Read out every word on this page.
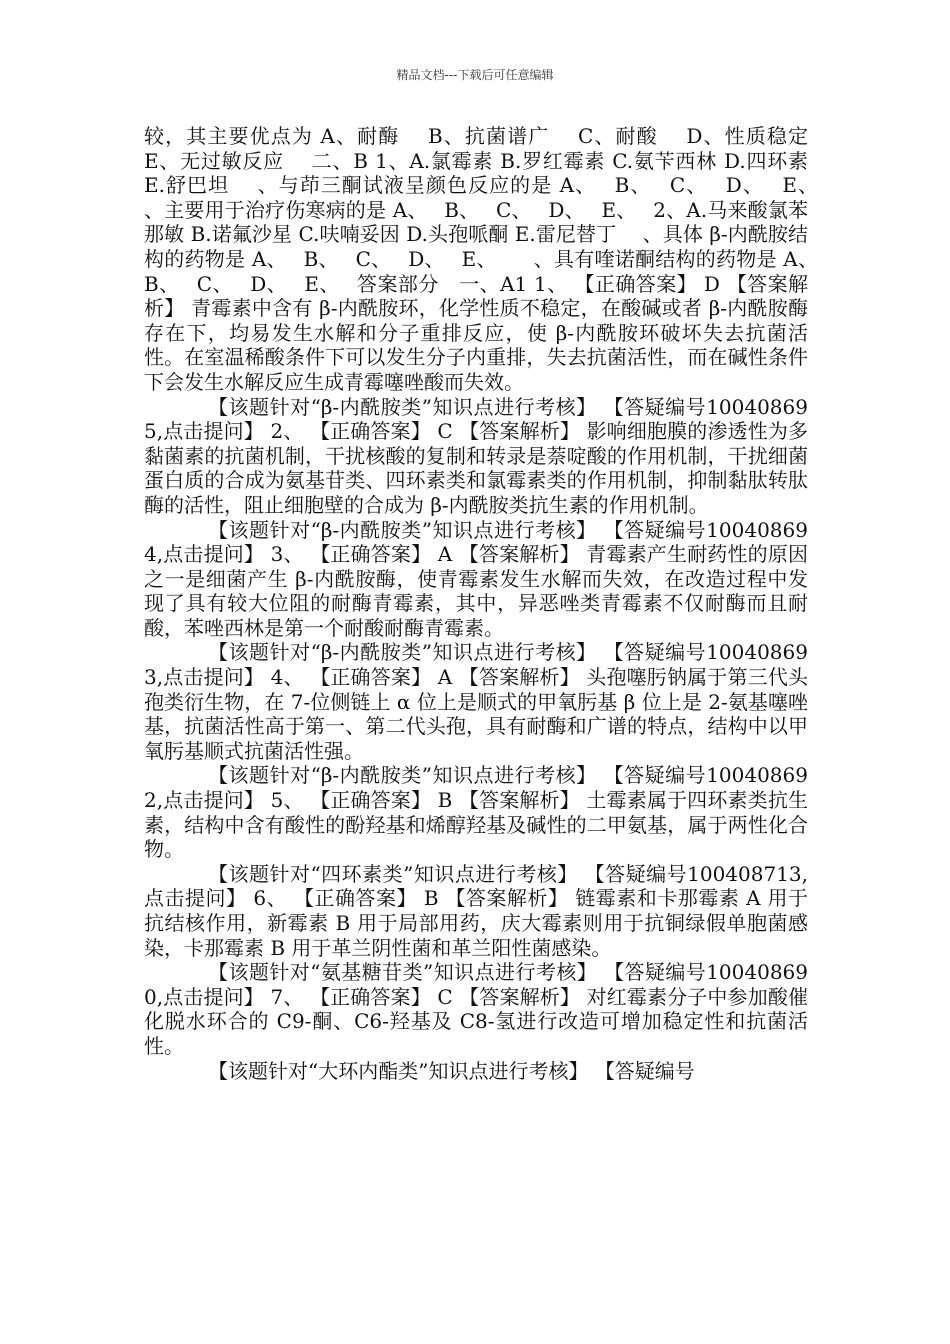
精品文档---下载后可任意编辑

较，其主要优点为 A、耐酶　 B、抗菌谱广　 C、耐酸　 D、性质稳定　 E、无过敏反应　 二、B 1、A.氯霉素 B.罗红霉素 C.氨苄西林 D.四环素 E.舒巴坦　 、与茚三酮试液呈颜色反应的是 A、　 B、　 C、　 D、　 E、　　 、主要用于治疗伤寒病的是 A、　 B、　 C、　 D、　 E、　 2、A.马来酸氯苯那敏 B.诺氟沙星 C.呋喃妥因 D.头孢哌酮 E.雷尼替丁　 、具体 β-内酰胺结构的药物是 A、　 B、　 C、　 D、　 E、　　 、具有喹诺酮结构的药物是 A、　 B、　 C、　 D、　 E、　 答案部分　一、A1 1、 【正确答案】 D 【答案解析】 青霉素中含有 β-内酰胺环，化学性质不稳定，在酸碱或者 β-内酰胺酶存在下，均易发生水解和分子重排反应，使 β-内酰胺环破坏失去抗菌活性。在室温稀酸条件下可以发生分子内重排，失去抗菌活性，而在碱性条件下会发生水解反应生成青霉噻唑酸而失效。

【该题针对“β-内酰胺类”知识点进行考核】 【答疑编号100408695,点击提问】 2、 【正确答案】 C 【答案解析】 影响细胞膜的渗透性为多黏菌素的抗菌机制，干扰核酸的复制和转录是萘啶酸的作用机制，干扰细菌蛋白质的合成为氨基苷类、四环素类和氯霉素类的作用机制，抑制黏肽转肽酶的活性，阻止细胞壁的合成为 β-内酰胺类抗生素的作用机制。

【该题针对“β-内酰胺类”知识点进行考核】 【答疑编号100408694,点击提问】 3、 【正确答案】 A 【答案解析】 青霉素产生耐药性的原因之一是细菌产生 β-内酰胺酶，使青霉素发生水解而失效，在改造过程中发现了具有较大位阻的耐酶青霉素，其中，异恶唑类青霉素不仅耐酶而且耐酸，苯唑西林是第一个耐酸耐酶青霉素。

【该题针对“β-内酰胺类”知识点进行考核】 【答疑编号100408693,点击提问】 4、 【正确答案】 A 【答案解析】 头孢噻肟钠属于第三代头孢类衍生物，在 7-位侧链上 α 位上是顺式的甲氧肟基 β 位上是 2-氨基噻唑基，抗菌活性高于第一、第二代头孢，具有耐酶和广谱的特点，结构中以甲氧肟基顺式抗菌活性强。

【该题针对“β-内酰胺类”知识点进行考核】 【答疑编号100408692,点击提问】 5、 【正确答案】 B 【答案解析】 土霉素属于四环素类抗生素，结构中含有酸性的酚羟基和烯醇羟基及碱性的二甲氨基，属于两性化合物。

【该题针对“四环素类”知识点进行考核】 【答疑编号100408713,点击提问】 6、 【正确答案】 B 【答案解析】 链霉素和卡那霉素 A 用于抗结核作用，新霉素 B 用于局部用药，庆大霉素则用于抗铜绿假单胞菌感染，卡那霉素 B 用于革兰阴性菌和革兰阳性菌感染。

【该题针对“氨基糖苷类”知识点进行考核】 【答疑编号100408690,点击提问】 7、 【正确答案】 C 【答案解析】 对红霉素分子中参加酸催化脱水环合的 C9-酮、C6-羟基及 C8-氢进行改造可增加稳定性和抗菌活性。

【该题针对“大环内酯类”知识点进行考核】 【答疑编号
